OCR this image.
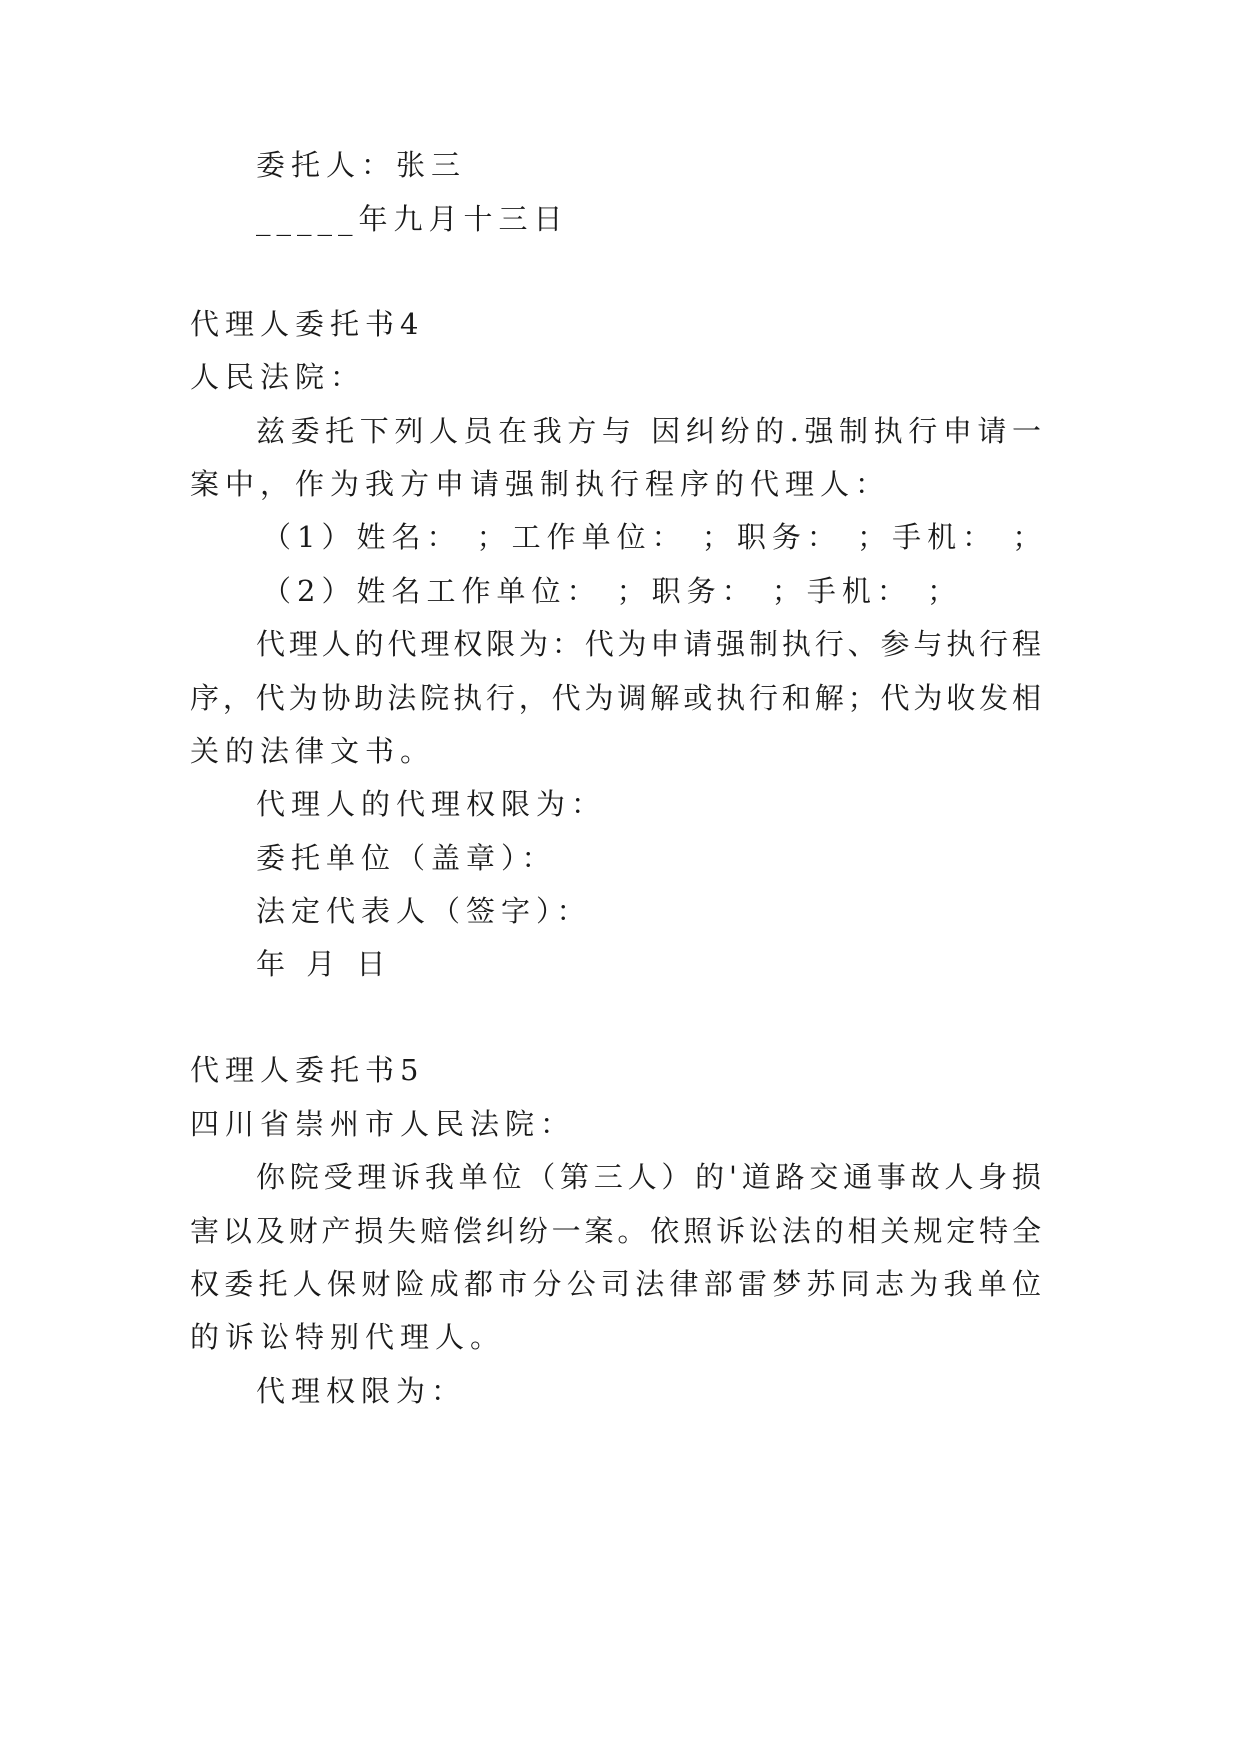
委托人：张三
_____年九月十三日
代理人委托书4
人民法院：
兹委托下列人员在我方与 因纠纷的.强制执行申请一
案中，作为我方申请强制执行程序的代理人：
（1）姓名： ；工作单位： ；职务： ；手机： ；
（2）姓名工作单位： ；职务： ；手机： ；
代理人的代理权限为：代为申请强制执行、参与执行程
序，代为协助法院执行，代为调解或执行和解；代为收发相
关的法律文书。
代理人的代理权限为：
委托单位（盖章）：
法定代表人（签字）：
年 月 日
代理人委托书5
四川省崇州市人民法院：
你院受理诉我单位（第三人）的'道路交通事故人身损
害以及财产损失赔偿纠纷一案。依照诉讼法的相关规定特全
权委托人保财险成都市分公司法律部雷梦苏同志为我单位
的诉讼特别代理人。
代理权限为：
